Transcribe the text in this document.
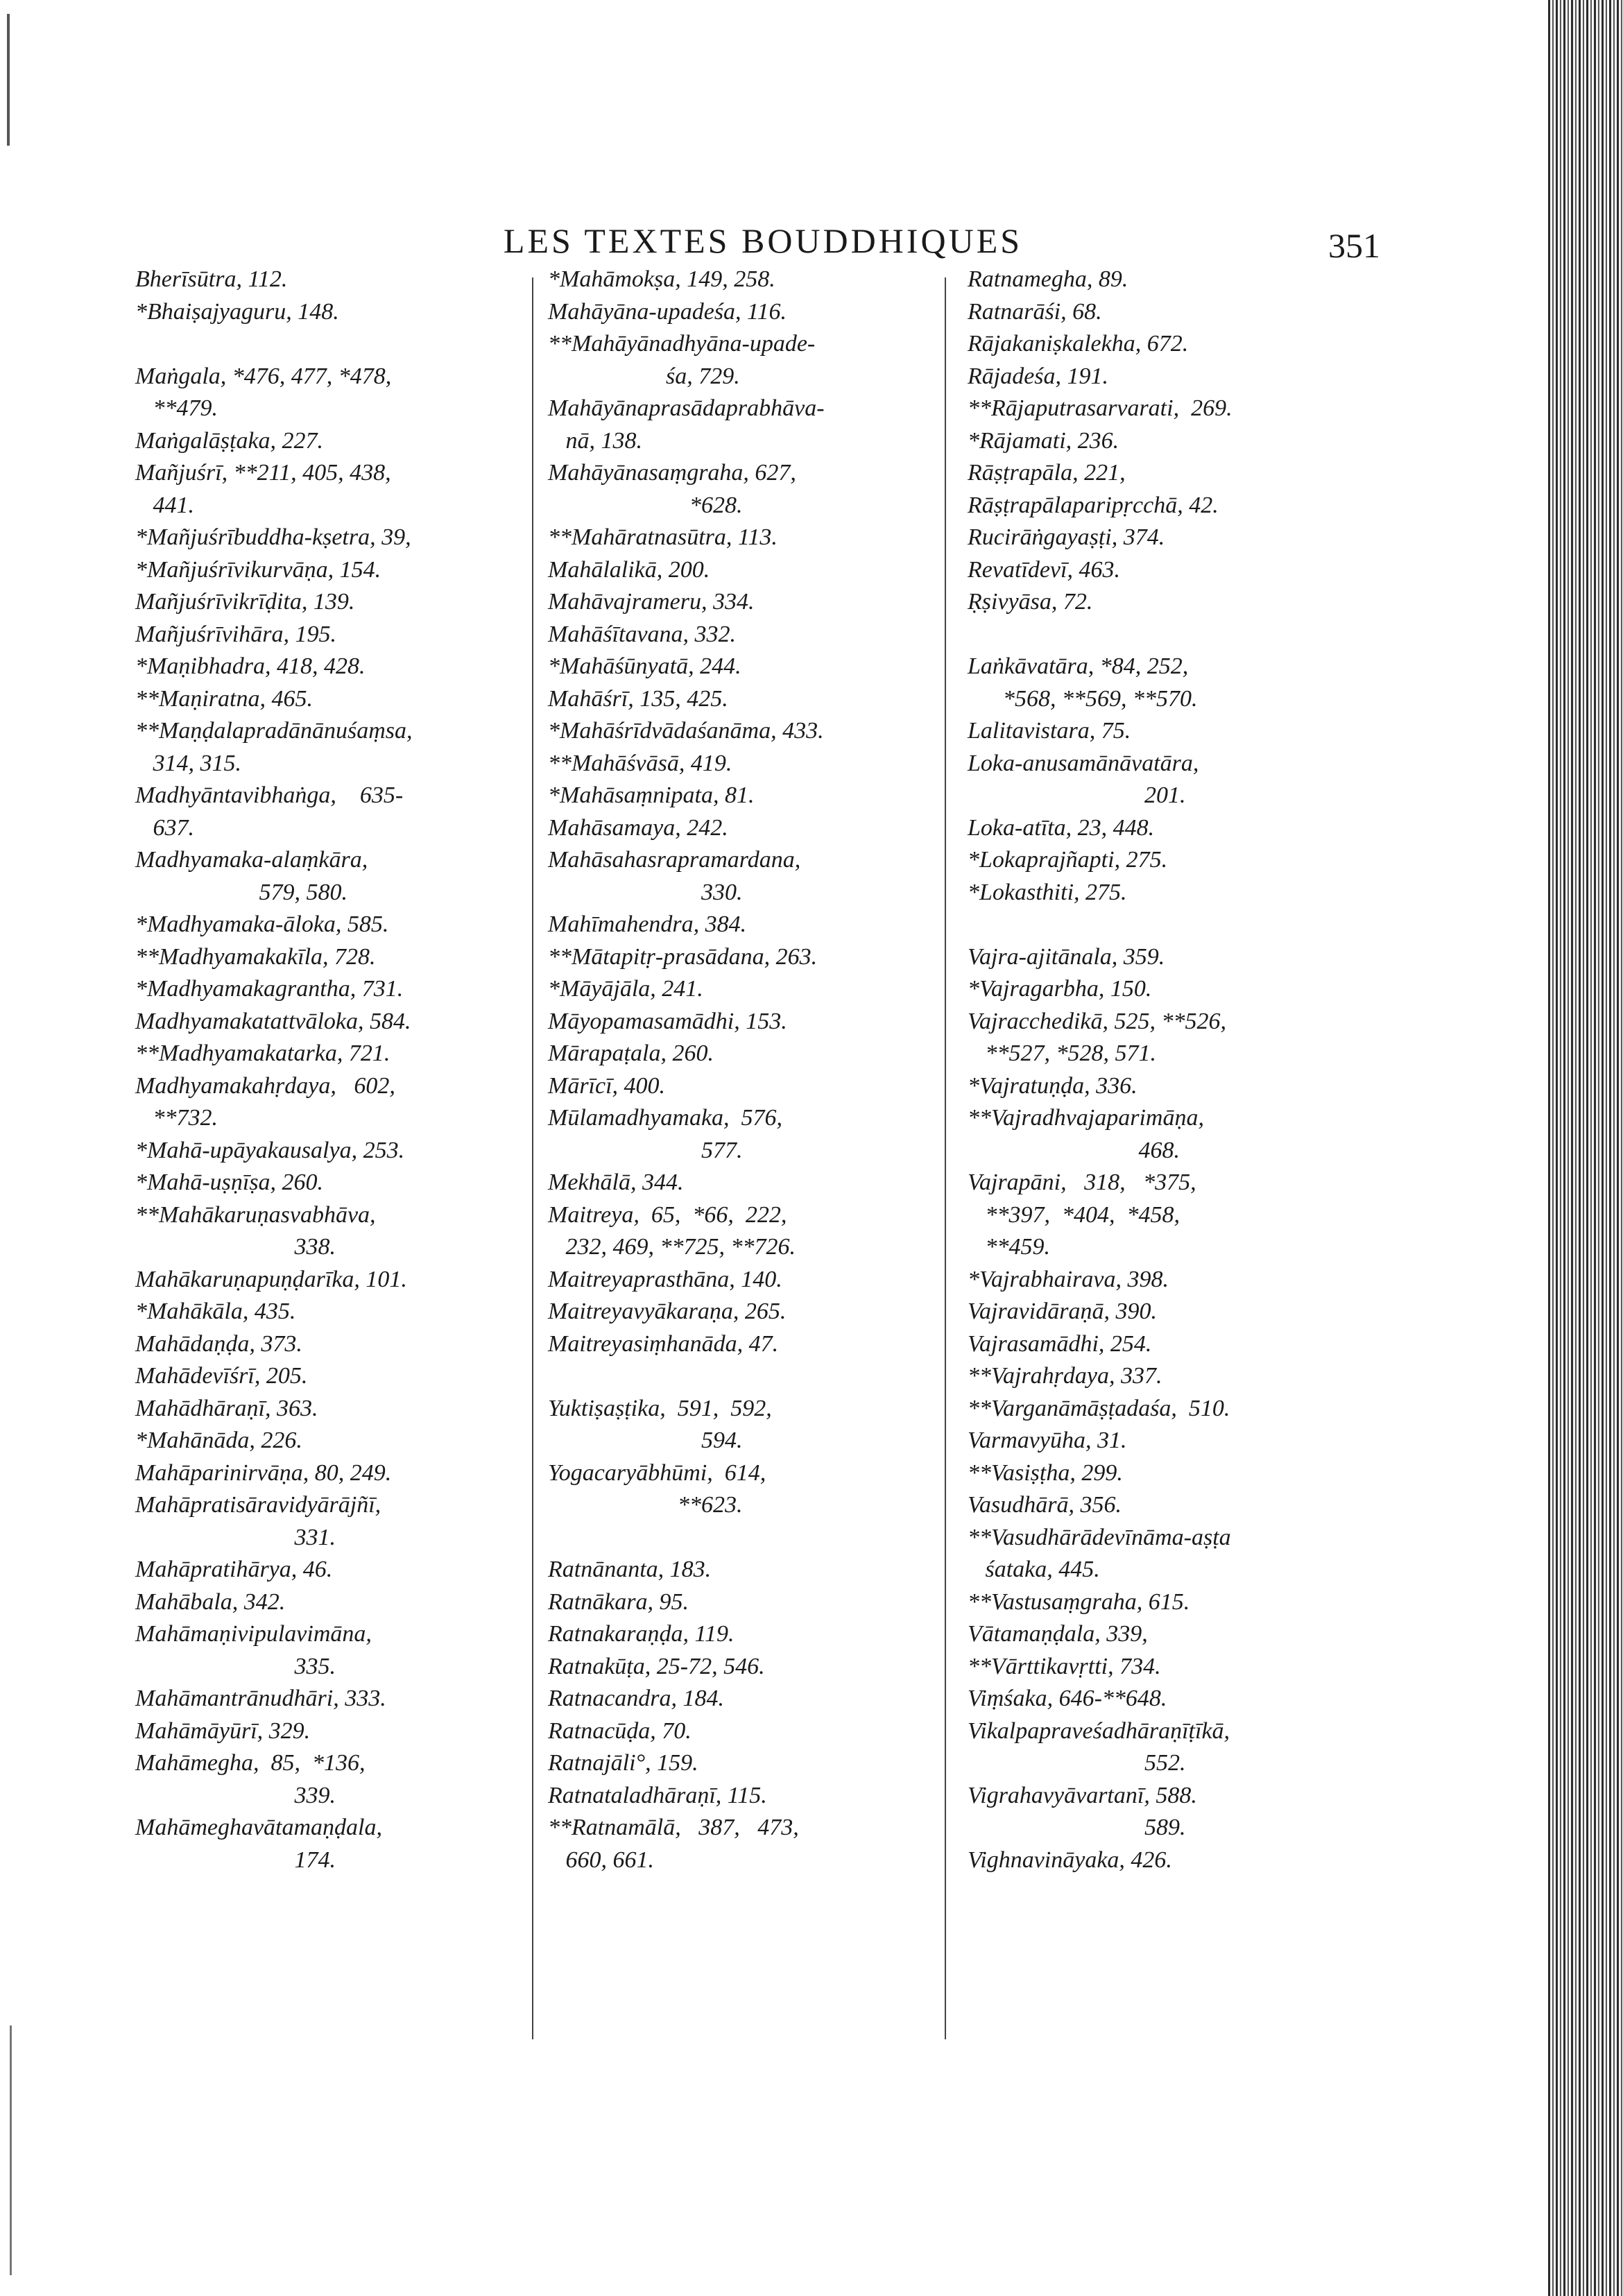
LES TEXTES BOUDDHIQUES	351
Bherīsūtra, 112.
*Bhaiṣajyaguru, 148.
Maṅgala, *476, 477, *478,
**479.
Maṅgalāṣṭaka, 227.
Mañjuśrī, **211, 405, 438,
441.
*Mañjuśrībuddha-kṣetra, 39,
*Mañjuśrīvikurvāṇa, 154.
Mañjuśrīvikrīḍita, 139.
Mañjuśrīvihāra, 195.
*Maṇibhadra, 418, 428.
**Maṇiratna, 465.
**Maṇḍalapradānānuśaṃsa,
314, 315.
Madhyāntavibhaṅga,    635-
637.
Madhyamaka-alaṃkāra,
579, 580.
*Madhyamaka-āloka, 585.
**Madhyamakakīla, 728.
*Madhyamakagrantha, 731.
Madhyamakatattvāloka, 584.
**Madhyamakatarka, 721.
Madhyamakahṛdaya,   602,
**732.
*Mahā-upāyakausalya, 253.
*Mahā-uṣṇīṣa, 260.
**Mahākaruṇasvabhāva,
338.
Mahākaruṇapuṇḍarīka, 101.
*Mahākāla, 435.
Mahādaṇḍa, 373.
Mahādevīśrī, 205.
Mahādhāraṇī, 363.
*Mahānāda, 226.
Mahāparinirvāṇa, 80, 249.
Mahāpratisāravidyārājñī,
331.
Mahāpratihārya, 46.
Mahābala, 342.
Mahāmaṇivipulavimāna,
335.
Mahāmantrānudhāri, 333.
Mahāmāyūrī, 329.
Mahāmegha,  85,  *136,
339.
Mahāmeghavātamaṇḍala,
174.
*Mahāmokṣa, 149, 258.
Mahāyāna-upadeśa, 116.
**Mahāyānadhyāna-upade-
śa, 729.
Mahāyānaprasādaprabhāva-
nā, 138.
Mahāyānasaṃgraha, 627,
*628.
**Mahāratnasūtra, 113.
Mahālalikā, 200.
Mahāvajrameru, 334.
Mahāśītavana, 332.
*Mahāśūnyatā, 244.
Mahāśrī, 135, 425.
*Mahāśrīdvādaśanāma, 433.
**Mahāśvāsā, 419.
*Mahāsaṃnipata, 81.
Mahāsamaya, 242.
Mahāsahasrapramardana,
330.
Mahīmahendra, 384.
**Mātapitṛ-prasādana, 263.
*Māyājāla, 241.
Māyopamasamādhi, 153.
Mārapaṭala, 260.
Mārīcī, 400.
Mūlamadhyamaka,  576,
577.
Mekhālā, 344.
Maitreya,  65,  *66,  222,
232, 469, **725, **726.
Maitreyaprasthāna, 140.
Maitreyavyākaraṇa, 265.
Maitreyasiṃhanāda, 47.
Yuktiṣaṣṭika,  591,  592,
594.
Yogacaryābhūmi,  614,
**623.
Ratnānanta, 183.
Ratnākara, 95.
Ratnakaraṇḍa, 119.
Ratnakūṭa, 25-72, 546.
Ratnacandra, 184.
Ratnacūḍa, 70.
Ratnajāli°, 159.
Ratnataladhāraṇī, 115.
**Ratnamālā,   387,   473,
660, 661.
Ratnamegha, 89.
Ratnarāśi, 68.
Rājakaniṣkalekha, 672.
Rājadeśa, 191.
**Rājaputrasarvarati,  269.
*Rājamati, 236.
Rāṣṭrapāla, 221,
Rāṣṭrapālaparipṛcchā, 42.
Rucirāṅgayaṣṭi, 374.
Revatīdevī, 463.
Ṛṣivyāsa, 72.
Laṅkāvatāra, *84, 252,
*568, **569, **570.
Lalitavistara, 75.
Loka-anusamānāvatāra,
201.
Loka-atīta, 23, 448.
*Lokaprajñapti, 275.
*Lokasthiti, 275.
Vajra-ajitānala, 359.
*Vajragarbha, 150.
Vajracchedikā, 525, **526,
**527, *528, 571.
*Vajratuṇḍa, 336.
**Vajradhvajaparimāṇa,
468.
Vajrapāni,   318,   *375,
**397,  *404,  *458,
**459.
*Vajrabhairava, 398.
Vajravidāraṇā, 390.
Vajrasamādhi, 254.
**Vajrahṛdaya, 337.
**Varganāmāṣṭadaśa,  510.
Varmavyūha, 31.
**Vasiṣṭha, 299.
Vasudhārā, 356.
**Vasudhārādevīnāma-aṣṭa
śataka, 445.
**Vastusaṃgraha, 615.
Vātamaṇḍala, 339,
**Vārttikavṛtti, 734.
Viṃśaka, 646-**648.
Vikalpapraveśadhāraṇīṭīkā,
552.
Vigrahavyāvartanī, 588.
589.
Vighnavināyaka, 426.
